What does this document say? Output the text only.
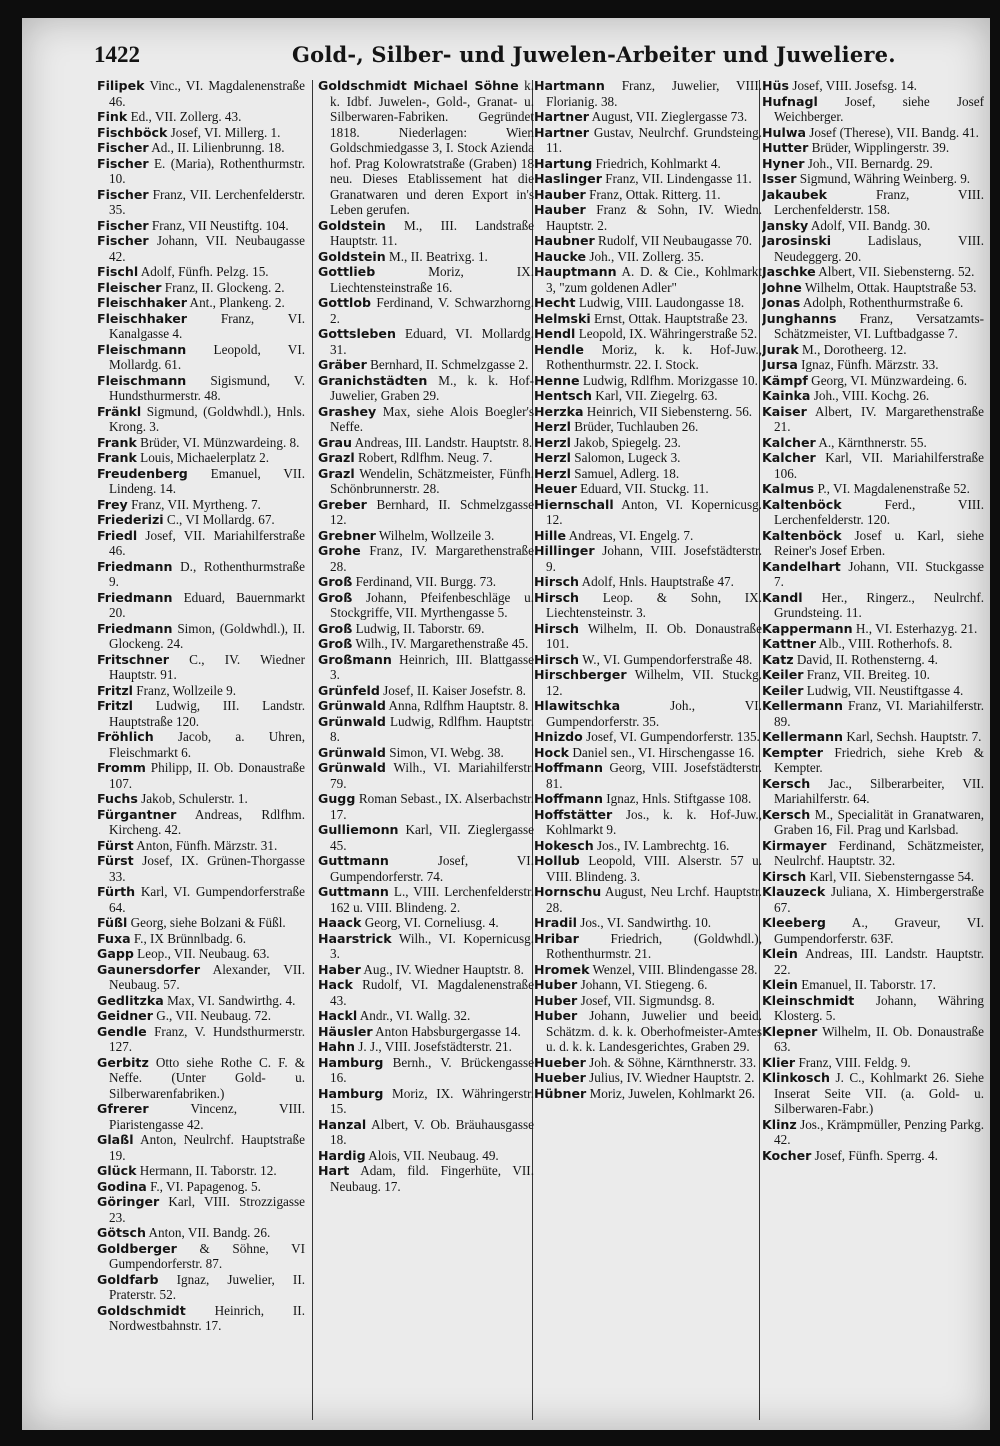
1422	Gold-, Silber- und Juwelen-Arbeiter und Juweliere.

Filipek Vinc., VI. Magdalenenstraße 46.

Fink Ed., VII. Zollerg. 43.

Fischböck Josef, VI. Millerg. 1.

Fischer Ad., II. Lilienbrunng. 18.

Fischer E. (Maria), Rothenthurmstr. 10.

Fischer Franz, VII. Lerchenfelderstr. 35.

Fischer Franz, VII Neustiftg. 104.

Fischer Johann, VII. Neubaugasse 42.

Fischl Adolf, Fünfh. Pelzg. 15.

Fleischer Franz, II. Glockeng. 2.

Fleischhaker Ant., Plankeng. 2.

Fleischhaker	Franz, VI. Kanalgasse 4.

Fleischmann Leopold, VI. Mollardg. 61.

Fleischmann Sigismund, V. Hundsthurmerstr. 48.

Fränkl Sigmund, (Goldwhdl.), Hnls. Krong. 3.

Frank Brüder, VI. Münzwardeing. 8.

Frank Louis, Michaelerplatz 2.

Freudenberg Emanuel, VII. Lindeng. 14.

Frey Franz, VII. Myrtheng. 7.

Friederizi C., VI Mollardg. 67.

Friedl Josef, VII. Mariahilferstraße 46.

Friedmann D., Rothenthurmstraße 9.

Friedmann Eduard, Bauernmarkt 20.

Friedmann Simon, (Goldwhdl.), II. Glockeng. 24.

Fritschner C., IV. Wiedner Hauptstr. 91.

Fritzl Franz, Wollzeile 9.

Fritzl Ludwig, III. Landstr. Hauptstraße 120.

Fröhlich Jacob, a. Uhren, Fleischmarkt 6.

Fromm Philipp, II. Ob. Donaustraße 107.

Fuchs Jakob, Schulerstr. 1.

Fürgantner Andreas, Rdlfhm. Kircheng. 42.

Fürst Anton, Fünfh. Märzstr. 31.

Fürst Josef, IX. Grünen-Thorgasse 33.

Fürth Karl, VI. Gumpendorferstraße 64.

Füßl Georg, siehe Bolzani & Füßl.

Fuxa F., IX Brünnlbadg. 6.

Gapp Leop., VII. Neubaug. 63.

Gaunersdorfer Alexander, VII. Neubaug. 57.

Gedlitzka Max, VI. Sandwirthg. 4.

Geidner G., VII. Neubaug. 72.

Gendle Franz, V. Hundsthurmerstr. 127.

Gerbitz Otto siehe Rothe C. F. & Neffe. (Unter Gold- u. Silberwarenfabriken.)

Gfrerer	Vincenz, VIII. Piaristengasse 42.

Glaßl Anton, Neulrchf. Hauptstraße 19.

Glück Hermann, II. Taborstr. 12.

Godina F., VI. Papagenog. 5.

Göringer Karl, VIII. Strozzigasse 23.

Götsch Anton, VII. Bandg. 26.

Goldberger & Söhne, VI Gumpendorferstr. 87.

Goldfarb Ignaz, Juwelier, II. Praterstr. 52.

Goldschmidt Heinrich, II. Nordwestbahnstr. 17.

Goldschmidt Michael Söhne k. k. Idbf. Juwelen-, Gold-, Granat- u. Silberwaren-Fabriken. Gegründet 1818. Niederlagen: Wien Goldschmiedgasse 3, I. Stock Azienda hof. Prag Kolowratstraße (Graben) 18 neu. Dieses Etablissement hat die Granatwaren und deren Export in's Leben gerufen.

Goldstein M., III. Landstraße Hauptstr. 11.

Goldstein M., II. Beatrixg. 1.

Gottlieb	Moriz, IX. Liechtensteinstraße 16.

Gottlob Ferdinand, V. Schwarzhorng. 2.

Gottsleben Eduard, VI. Mollardg. 31.

Gräber Bernhard, II. Schmelzgasse 2.

Granichstädten M., k. k. Hof-Juwelier, Graben 29.

Grashey Max, siehe Alois Boegler's Neffe.

Grau Andreas, III. Landstr. Hauptstr. 8.

Grazl Robert, Rdlfhm. Neug. 7.

Grazl Wendelin, Schätzmeister, Fünfh. Schönbrunnerstr. 28.

Greber Bernhard, II. Schmelzgasse 12.

Grebner Wilhelm, Wollzeile 3.

Grohe Franz, IV. Margarethenstraße 28.

Groß Ferdinand, VII. Burgg. 73.

Groß Johann, Pfeifenbeschläge u. Stockgriffe, VII. Myrthengasse 5.

Groß Ludwig, II. Taborstr. 69.

Groß Wilh., IV. Margarethenstraße 45.

Großmann Heinrich, III. Blattgasse 3.

Grünfeld Josef, II. Kaiser Josefstr. 8.

Grünwald Anna, Rdlfhm Hauptstr. 8.

Grünwald Ludwig, Rdlfhm. Hauptstr. 8.

Grünwald Simon, VI. Webg. 38.

Grünwald Wilh., VI. Mariahilferstr. 79.

Gugg Roman Sebast., IX. Alserbachstr. 17.

Gulliemonn Karl, VII. Zieglergasse 45.

Guttmann	Josef, VI. Gumpendorferstr. 74.

Guttmann L., VIII. Lerchenfelderstr. 162 u. VIII. Blindeng. 2.

Haack Georg, VI. Corneliusg. 4.

Haarstrick Wilh., VI. Kopernicusg. 3.

Haber Aug., IV. Wiedner Hauptstr. 8.

Hack Rudolf, VI. Magdalenenstraße 43.

Hackl Andr., VI. Wallg. 32.

Häusler Anton Habsburgergasse 14.

Hahn J. J., VIII. Josefstädterstr. 21.

Hamburg Bernh., V. Brückengasse 16.

Hamburg Moriz, IX. Währingerstr. 15.

Hanzal Albert, V. Ob. Bräuhausgasse 18.

Hardig Alois, VII. Neubaug. 49.

Hart Adam, fild. Fingerhüte, VII. Neubaug. 17.

Hartmann Franz, Juwelier, VIII. Florianig. 38.

Hartner August, VII. Zieglergasse 73.

Hartner Gustav, Neulrchf. Grundsteing. 11.

Hartung Friedrich, Kohlmarkt 4.

Haslinger Franz, VII. Lindengasse 11.

Hauber Franz, Ottak. Ritterg. 11.

Hauber Franz & Sohn, IV. Wiedn. Hauptstr. 2.

Haubner Rudolf, VII Neubaugasse 70.

Haucke Joh., VII. Zollerg. 35.

Hauptmann A. D. & Cie., Kohlmarkt 3, "zum goldenen Adler"

Hecht Ludwig, VIII. Laudongasse 18.

Helmski Ernst, Ottak. Hauptstraße 23.

Hendl Leopold, IX. Währingerstraße 52.

Hendle Moriz, k. k. Hof-Juw., Rothenthurmstr. 22. I. Stock.

Henne Ludwig, Rdlfhm. Morizgasse 10.

Hentsch Karl, VII. Ziegelrg. 63.

Herzka Heinrich, VII Siebensterng. 56.

Herzl Brüder, Tuchlauben 26.

Herzl Jakob, Spiegelg. 23.

Herzl Salomon, Lugeck 3.

Herzl Samuel, Adlerg. 18.

Heuer Eduard, VII. Stuckg. 11.

Hiernschall Anton, VI. Kopernicusg. 12.

Hille Andreas, VI. Engelg. 7.

Hillinger Johann, VIII. Josefstädterstr. 9.

Hirsch Adolf, Hnls. Hauptstraße 47.

Hirsch Leop. & Sohn, IX. Liechtensteinstr. 3.

Hirsch Wilhelm, II. Ob. Donaustraße 101.

Hirsch W., VI. Gumpendorferstraße 48.

Hirschberger Wilhelm, VII. Stuckg. 12.

Hlawitschka	Joh., VI. Gumpendorferstr. 35.

Hnizdo Josef, VI. Gumpendorferstr. 135.

Hock Daniel sen., VI. Hirschengasse 16.

Hoffmann Georg, VIII. Josefstädterstr. 81.

Hoffmann Ignaz, Hnls. Stiftgasse 108.

Hoffstätter Jos., k. k. Hof-Juw., Kohlmarkt 9.

Hokesch Jos., IV. Lambrechtg. 16.

Hollub Leopold, VIII. Alserstr. 57 u. VIII. Blindeng. 3.

Hornschu August, Neu Lrchf. Hauptstr. 28.

Hradil Jos., VI. Sandwirthg. 10.

Hribar Friedrich, (Goldwhdl.), Rothenthurmstr. 21.

Hromek Wenzel, VIII. Blindengasse 28.

Huber Johann, VI. Stiegeng. 6.

Huber Josef, VII. Sigmundsg. 8.

Huber Johann, Juwelier und beeid. Schätzm. d. k. k. Oberhofmeister-Amtes u. d. k. k. Landesgerichtes, Graben 29.

Hueber Joh. & Söhne, Kärnthnerstr. 33.

Hueber Julius, IV. Wiedner Hauptstr. 2.

Hübner Moriz, Juwelen, Kohlmarkt 26.

Hüs Josef, VIII. Josefsg. 14.

Hufnagl Josef, siehe Josef Weichberger.

Hulwa Josef (Therese), VII. Bandg. 41.

Hutter Brüder, Wipplingerstr. 39.

Hyner Joh., VII. Bernardg. 29.

Isser Sigmund, Währing Weinberg. 9.

Jakaubek	Franz, VIII. Lerchenfelderstr. 158.

Jansky Adolf, VII. Bandg. 30.

Jarosinski	Ladislaus, VIII. Neudeggerg. 20.

Jaschke Albert, VII. Siebensterng. 52.

Johne Wilhelm, Ottak. Hauptstraße 53.

Jonas Adolph, Rothenthurmstraße 6.

Junghanns Franz, Versatzamts-Schätzmeister, VI. Luftbadgasse 7.

Jurak M., Dorotheerg. 12.

Jursa Ignaz, Fünfh. Märzstr. 33.

Kämpf Georg, VI. Münzwardeing. 6.

Kainka Joh., VIII. Kochg. 26.

Kaiser Albert, IV. Margarethenstraße 21.

Kalcher A., Kärnthnerstr. 55.

Kalcher Karl, VII. Mariahilferstraße 106.

Kalmus P., VI. Magdalenenstraße 52.

Kaltenböck	Ferd., VIII. Lerchenfelderstr. 120.

Kaltenböck Josef u. Karl, siehe Reiner's Josef Erben.

Kandelhart Johann, VII. Stuckgasse 7.

Kandl Her., Ringerz., Neulrchf. Grundsteing. 11.

Kappermann H., VI. Esterhazyg. 21.

Kattner Alb., VIII. Rotherhofs. 8.

Katz David, II. Rothensterng. 4.

Keiler Franz, VII. Breiteg. 10.

Keiler Ludwig, VII. Neustiftgasse 4.

Kellermann Franz, VI. Mariahilferstr. 89.

Kellermann Karl, Sechsh. Hauptstr. 7.

Kempter Friedrich, siehe Kreb & Kempter.

Kersch Jac., Silberarbeiter, VII. Mariahilferstr. 64.

Kersch M., Specialität in Granatwaren, Graben 16, Fil. Prag und Karlsbad.

Kirmayer Ferdinand, Schätzmeister, Neulrchf. Hauptstr. 32.

Kirsch Karl, VII. Siebensterngasse 54.

Klauzeck Juliana, X. Himbergerstraße 67.

Kleeberg A., Graveur, VI. Gumpendorferstr. 63F.

Klein Andreas, III. Landstr. Hauptstr. 22.

Klein Emanuel, II. Taborstr. 17.

Kleinschmidt Johann, Währing Klosterg. 5.

Klepner Wilhelm, II. Ob. Donaustraße 63.

Klier Franz, VIII. Feldg. 9.

Klinkosch J. C., Kohlmarkt 26. Siehe Inserat Seite VII. (a. Gold- u. Silberwaren-Fabr.)

Klinz Jos., Krämpmüller, Penzing Parkg. 42.

Kocher Josef, Fünfh. Sperrg. 4.
